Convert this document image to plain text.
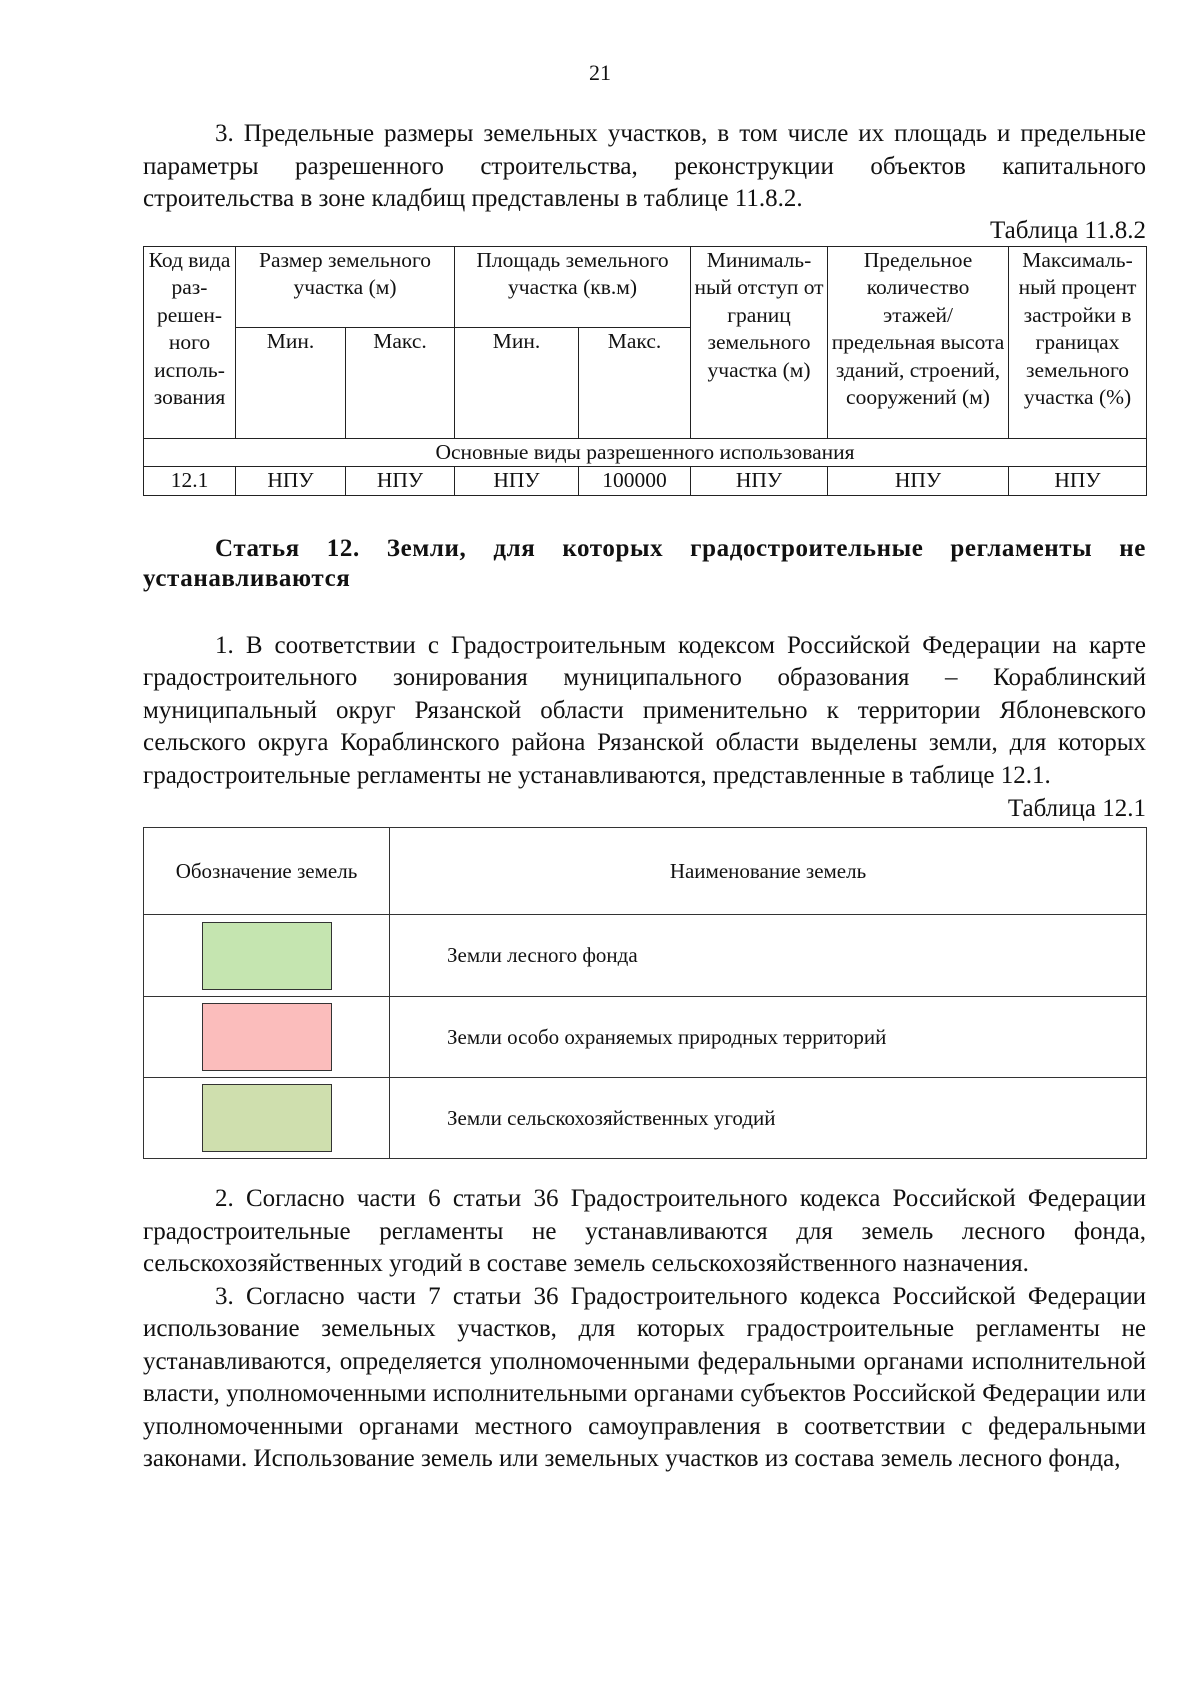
21

3. Предельные размеры земельных участков, в том числе их площадь и предельные параметры разрешенного строительства, реконструкции объектов капитального строительства в зоне кладбищ представлены в таблице 11.8.2.

Таблица 11.8.2

Код вида раз-решен-ного исполь-зования	Размер земельного участка (м)		Площадь земельного участка (кв.м)		Минималь-ный отступ от границ земельного участка (м)	Предельное количество этажей/ предельная высота зданий, строений, сооружений (м)	Максималь-ный процент застройки в границах земельного участка (%)
	Мин.	Макс.	Мин.	Макс.			
Основные виды разрешенного использования							
12.1	НПУ	НПУ	НПУ	100000	НПУ	НПУ	НПУ

Статья 12. Земли, для которых градостроительные регламенты не устанавливаются

1. В соответствии с Градостроительным кодексом Российской Федерации на карте градостроительного зонирования муниципального образования – Кораблинский муниципальный округ Рязанской области применительно к территории Яблоневского сельского округа Кораблинского района Рязанской области выделены земли, для которых градостроительные регламенты не устанавливаются, представленные в таблице 12.1.

Таблица 12.1

Обозначение земель	Наименование земель

	Земли лесного фонда

	Земли особо охраняемых природных территорий

	Земли сельскохозяйственных угодий

2. Согласно части 6 статьи 36 Градостроительного кодекса Российской Федерации градостроительные регламенты не устанавливаются для земель лесного фонда, сельскохозяйственных угодий в составе земель сельскохозяйственного назначения.

3. Согласно части 7 статьи 36 Градостроительного кодекса Российской Федерации использование земельных участков, для которых градостроительные регламенты не устанавливаются, определяется уполномоченными федеральными органами исполнительной власти, уполномоченными исполнительными органами субъектов Российской Федерации или уполномоченными органами местного самоуправления в соответствии с федеральными законами. Использование земель или земельных участков из состава земель лесного фонда,
